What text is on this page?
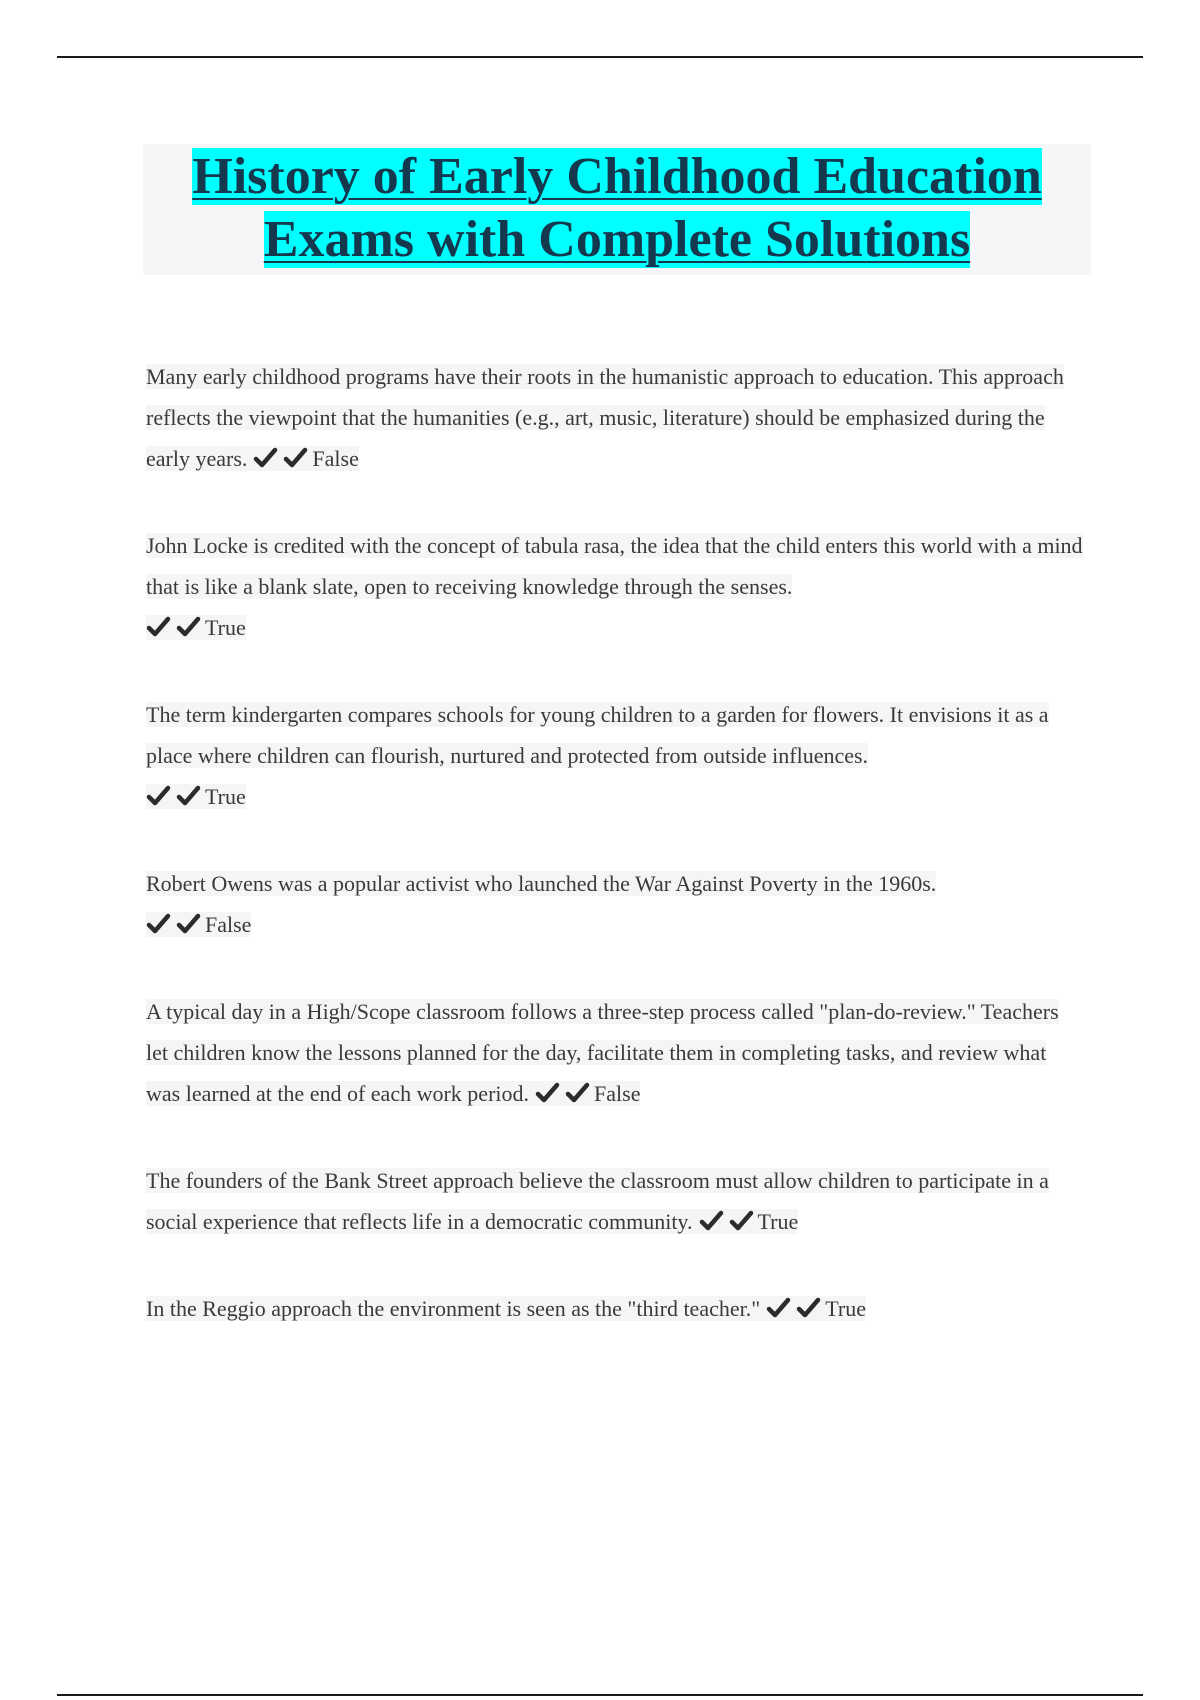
History of Early Childhood Education
Exams with Complete Solutions

Many early childhood programs have their roots in the humanistic approach to education. This approach reflects the viewpoint that the humanities (e.g., art, music, literature) should be emphasized during the early years.	False

John Locke is credited with the concept of tabula rasa, the idea that the child enters this world with a mind that is like a blank slate, open to receiving knowledge through the senses.

True

The term kindergarten compares schools for young children to a garden for flowers. It envisions it as a place where children can flourish, nurtured and protected from outside influences.

True

Robert Owens was a popular activist who launched the War Against Poverty in the 1960s.

False

A typical day in a High/Scope classroom follows a three-step process called "plan-do-review." Teachers let children know the lessons planned for the day, facilitate them in completing tasks, and review what was learned at the end of each work period.	False

The founders of the Bank Street approach believe the classroom must allow children to participate in a social experience that reflects life in a democratic community.	True

In the Reggio approach the environment is seen as the "third teacher."	True
